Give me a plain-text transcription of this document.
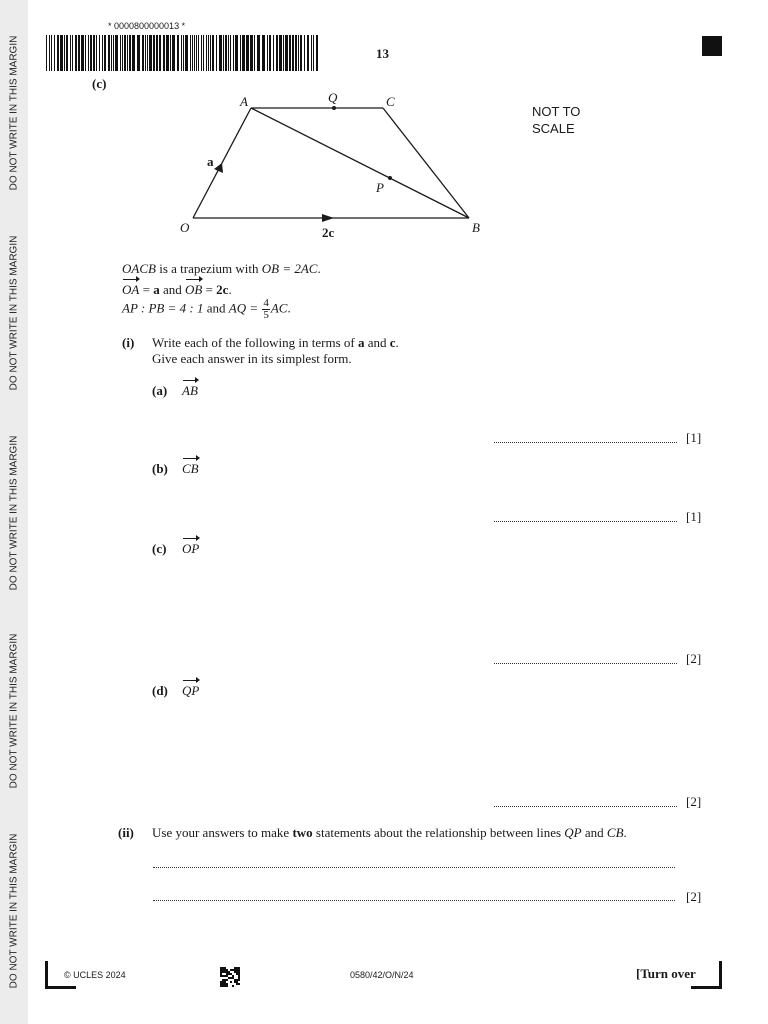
DO NOT WRITE IN THIS MARGIN
DO NOT WRITE IN THIS MARGIN
DO NOT WRITE IN THIS MARGIN
DO NOT WRITE IN THIS MARGIN
DO NOT WRITE IN THIS MARGIN
* 0000800000013 *
13
(c)
A	Q	C
O	B
P
a
2c
NOT TO
SCALE
OACB is a trapezium with OB = 2AC.
OA = a and OB = 2c.
AP : PB = 4 : 1 and AQ = $\frac{4}{5}$ AC.
(i) Write each of the following in terms of a and c.
Give each answer in its simplest form.
(a) AB
[1]
(b) CB
[1]
(c) OP
[2]
(d) QP
[2]
(ii) Use your answers to make two statements about the relationship between lines QP and CB.
[2]
© UCLES 2024	0580/42/O/N/24	[Turn over
